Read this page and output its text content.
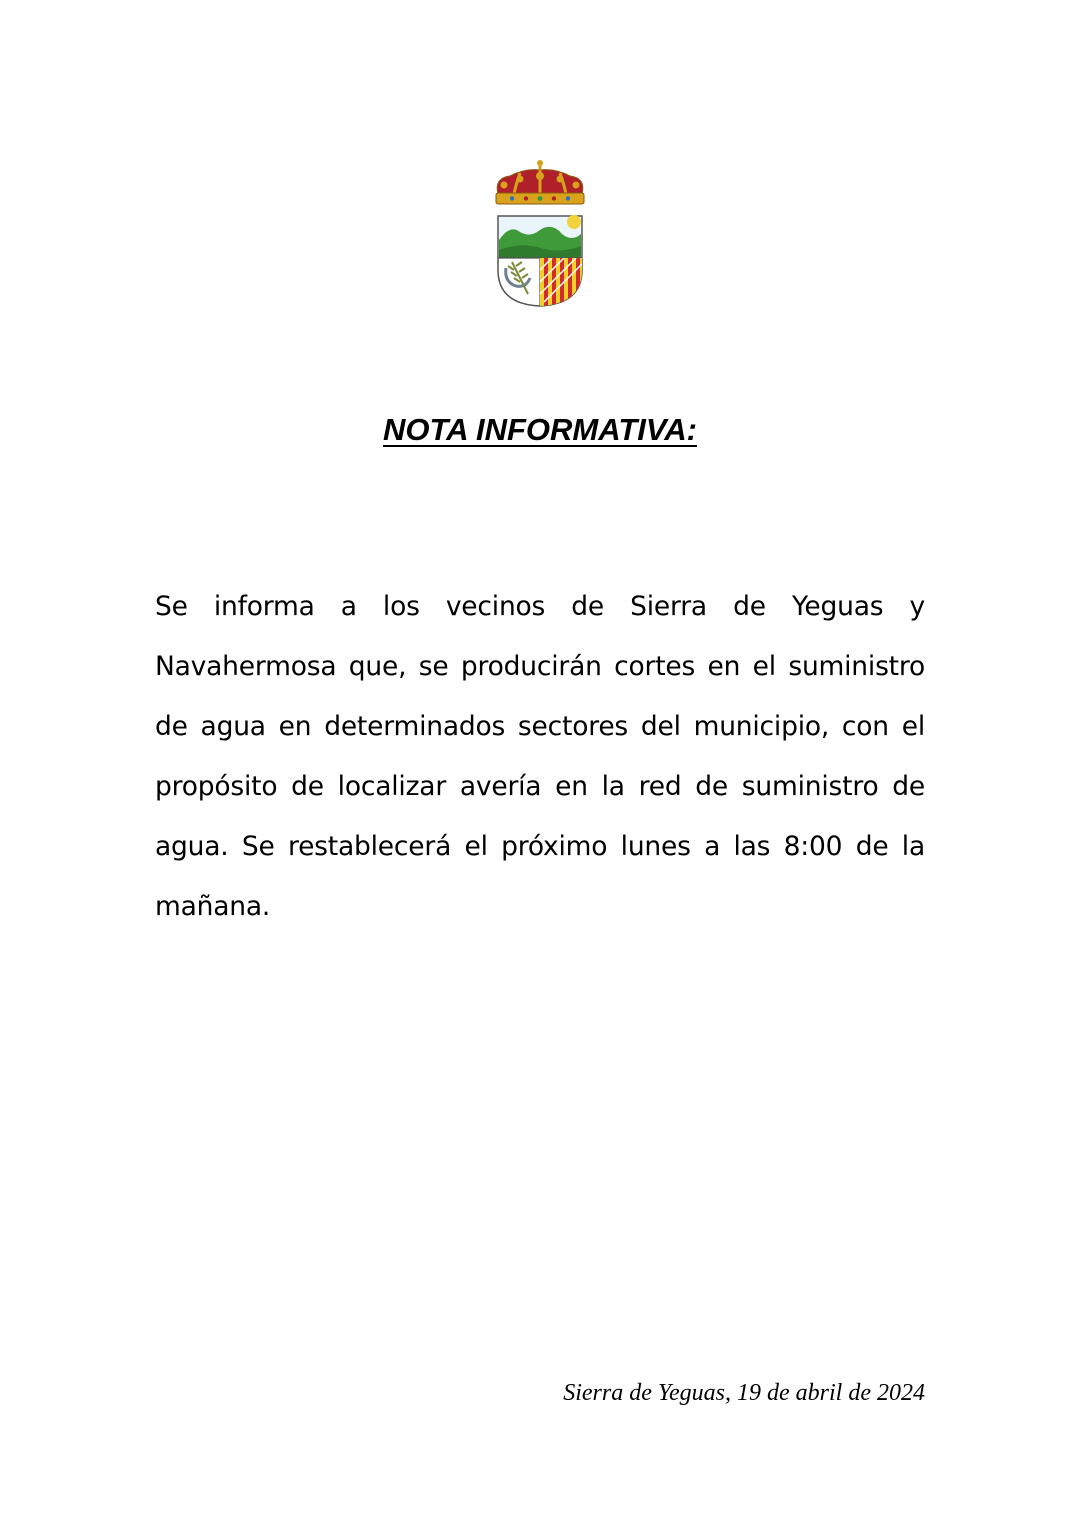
NOTA INFORMATIVA:

Se informa a los vecinos de Sierra de Yeguas y Navahermosa que, se producirán cortes en el suministro de agua en determinados sectores del municipio, con el propósito de localizar avería en la red de suministro de agua. Se restablecerá el próximo lunes a las 8:00 de la mañana.

Sierra de Yeguas, 19 de abril de 2024
